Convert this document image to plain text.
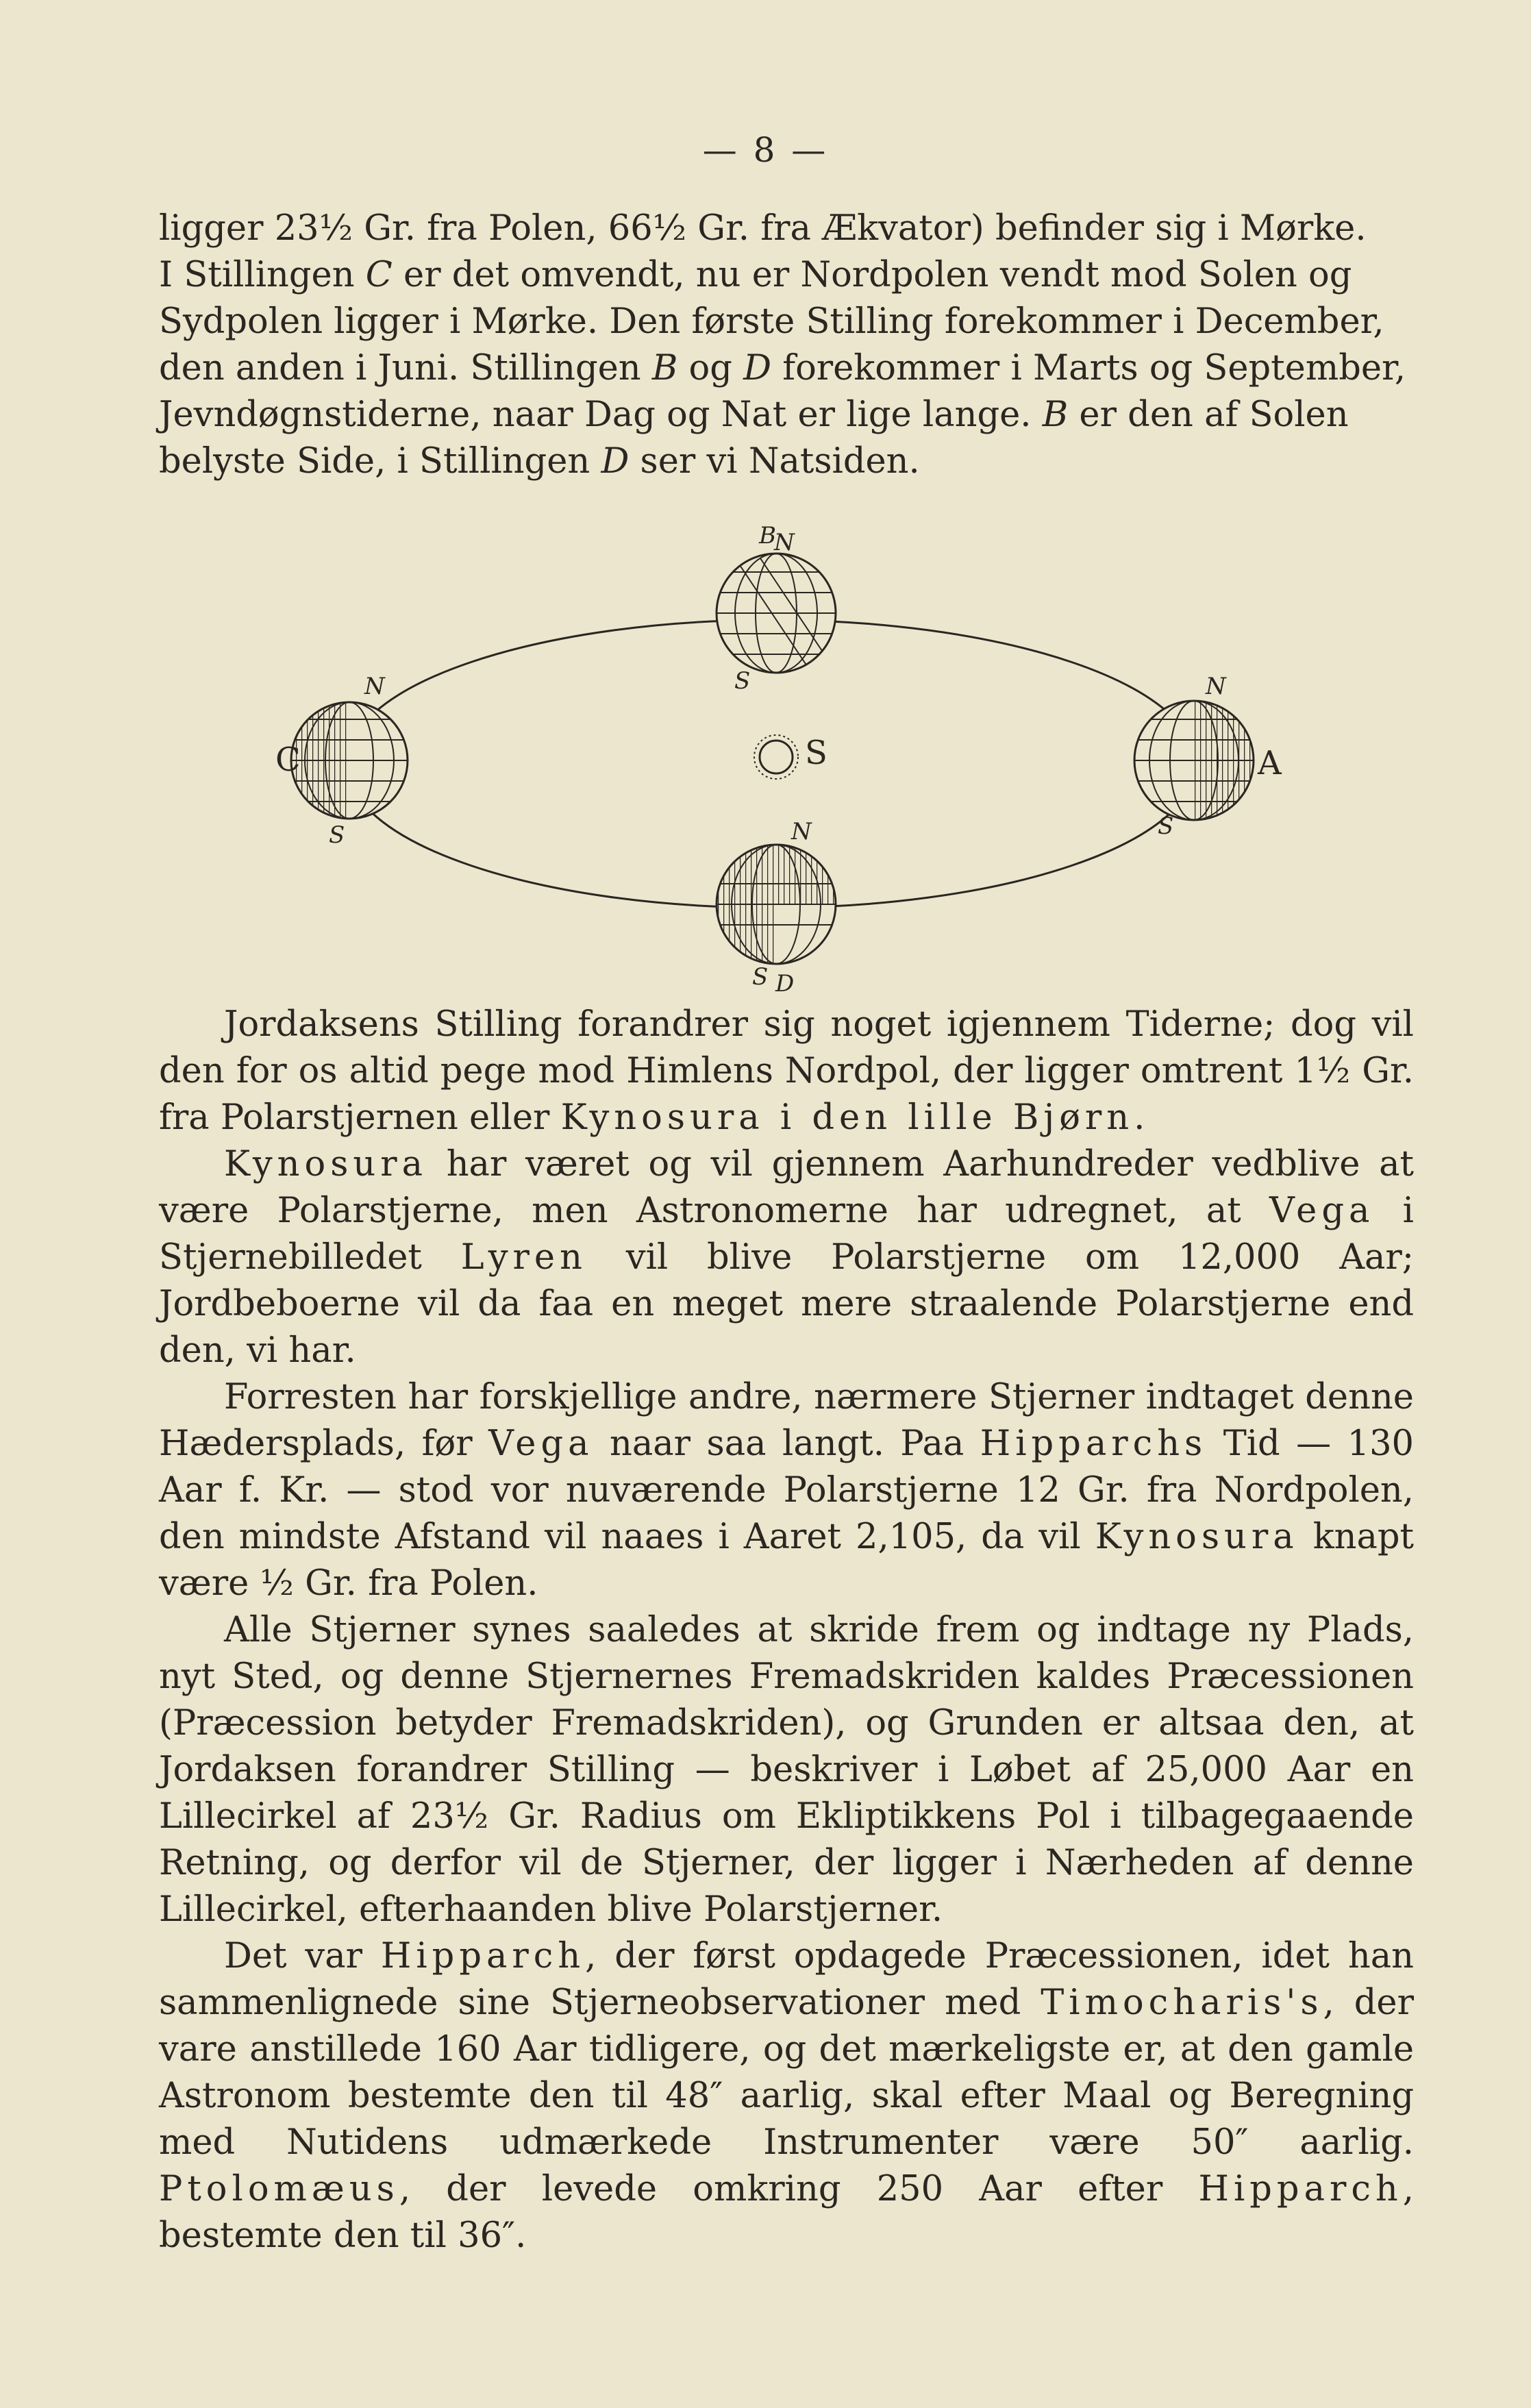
— 8 —
ligger 23½ Gr. fra Polen, 66½ Gr. fra Ækvator) befinder sig i Mørke.
I Stillingen C er det omvendt, nu er Nordpolen vendt mod Solen og
Sydpolen ligger i Mørke. Den første Stilling forekommer i December,
den anden i Juni. Stillingen B og D forekommer i Marts og September,
Jevndøgnstiderne, naar Dag og Nat er lige lange. B er den af Solen
belyste Side, i Stillingen D ser vi Natsiden.
S
B
N
S
C
N
S
A
N
S
N
S D

Jordaksens Stilling forandrer sig noget igjennem Tiderne; dog vil den for os altid pege mod Himlens Nordpol, der ligger omtrent 1½ Gr. fra Polarstjernen eller Kynosura i den lille Bjørn.

Kynosura har været og vil gjennem Aarhundreder vedblive at være Polarstjerne, men Astronomerne har udregnet, at Vega i Stjernebilledet Lyren vil blive Polarstjerne om 12,000 Aar; Jordbeboerne vil da faa en meget mere straalende Polarstjerne end den, vi har.

Forresten har forskjellige andre, nærmere Stjerner indtaget denne Hædersplads, før Vega naar saa langt. Paa Hipparchs Tid — 130 Aar f. Kr. — stod vor nuværende Polarstjerne 12 Gr. fra Nordpolen, den mindste Afstand vil naaes i Aaret 2,105, da vil Kynosura knapt være ½ Gr. fra Polen.

Alle Stjerner synes saaledes at skride frem og indtage ny Plads, nyt Sted, og denne Stjernernes Fremadskriden kaldes Præcessionen (Præcession betyder Fremadskriden), og Grunden er altsaa den, at Jordaksen forandrer Stilling — beskriver i Løbet af 25,000 Aar en Lillecirkel af 23½ Gr. Radius om Ekliptikkens Pol i tilbagegaaende Retning, og derfor vil de Stjerner, der ligger i Nærheden af denne Lillecirkel, efterhaanden blive Polarstjerner.

Det var Hipparch, der først opdagede Præcessionen, idet han sammenlignede sine Stjerneobservationer med Timocharis's, der vare anstillede 160 Aar tidligere, og det mærkeligste er, at den gamle Astronom bestemte den til 48″ aarlig, skal efter Maal og Beregning med Nutidens udmærkede Instrumenter være 50″ aarlig. Ptolomæus, der levede omkring 250 Aar efter Hipparch, bestemte den til 36″.
